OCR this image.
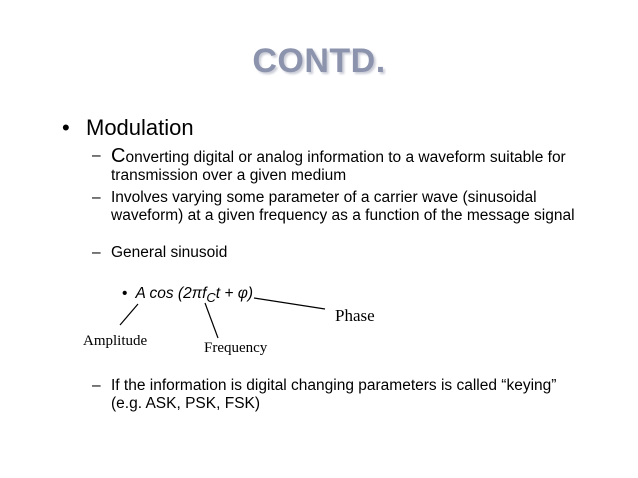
CONTD.
• Modulation
– Converting digital or analog information to a waveform suitable for transmission over a given medium
– Involves varying some parameter of a carrier wave (sinusoidal waveform) at a given frequency as a function of the message signal
– General sinusoid
• A $\cos (2\pi f_Ct + \varphi)$
Amplitude	Frequency
Phase
– If the information is digital changing parameters is called “keying” (e.g. ASK, PSK, FSK)
